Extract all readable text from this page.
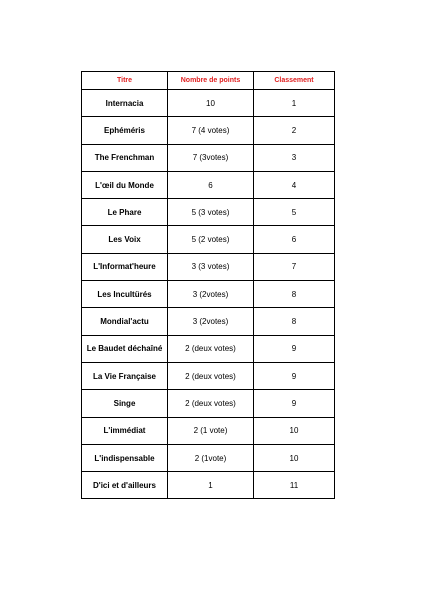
Titre	Nombre de points	Classement
Internacia	10	1
Ephéméris	7 (4 votes)	2
The Frenchman	7 (3votes)	3
L'œil du Monde	6	4
Le Phare	5 (3 votes)	5
Les Voix	5 (2 votes)	6
L'Informat'heure	3 (3 votes)	7
Les Incultürés	3 (2votes)	8
Mondial'actu	3 (2votes)	8
Le Baudet déchaîné	2 (deux votes)	9
La Vie Française	2 (deux votes)	9
Singe	2 (deux votes)	9
L'immédiat	2 (1 vote)	10
L'indispensable	2 (1vote)	10
D'ici et d'ailleurs	1	11
